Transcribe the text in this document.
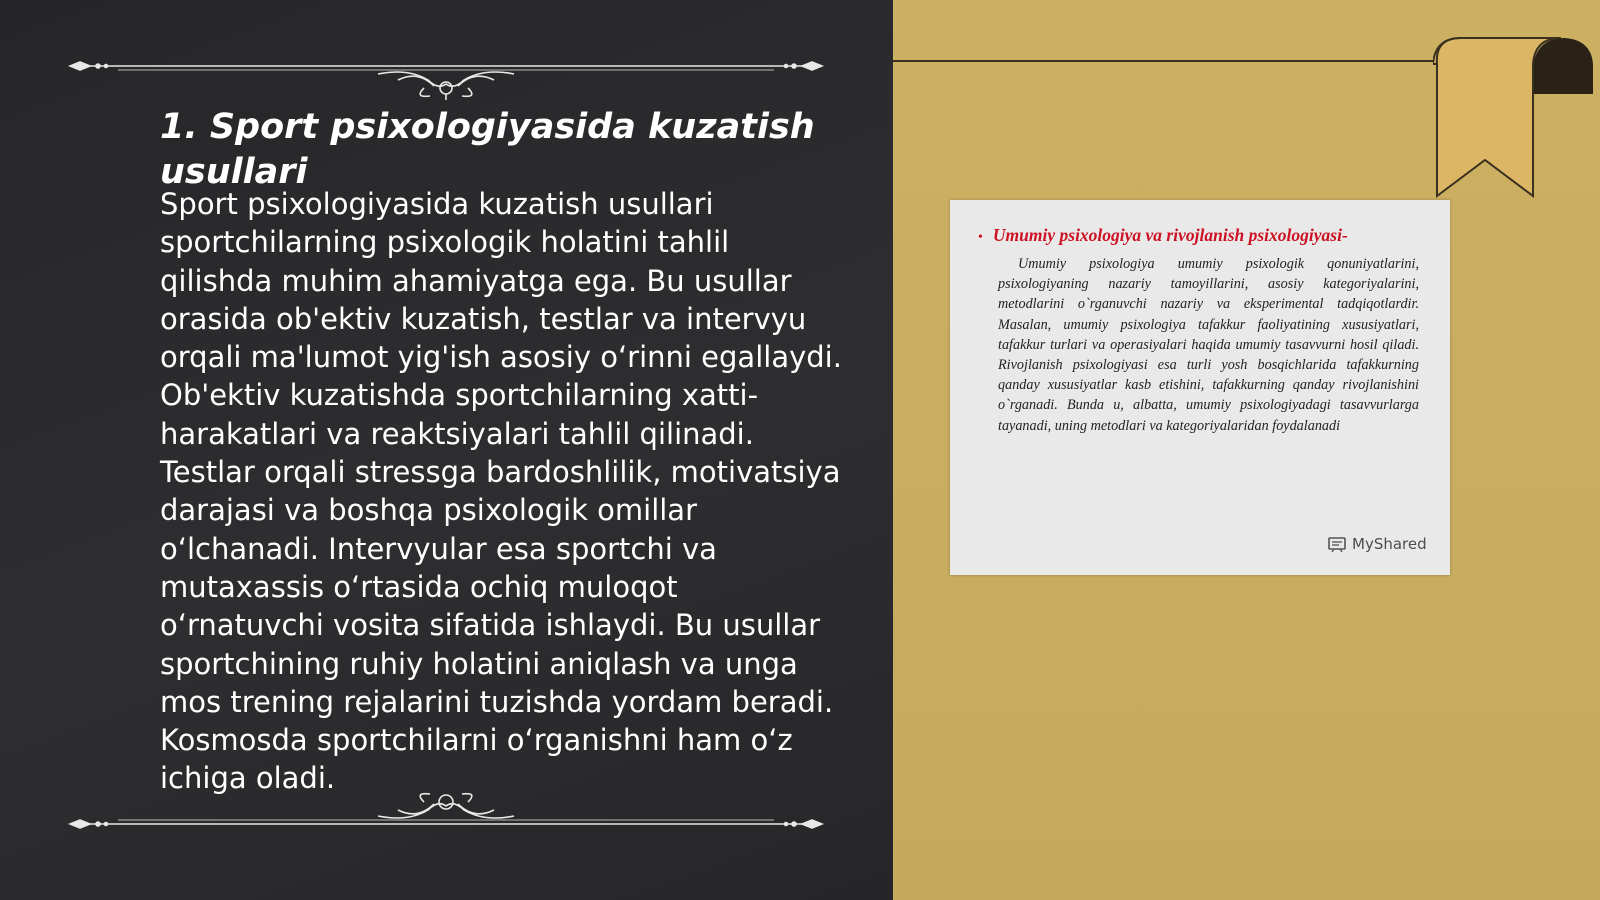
1. Sport psixologiyasida kuzatish usullari

Sport psixologiyasida kuzatish usullari sportchilarning psixologik holatini tahlil qilishda muhim ahamiyatga ega. Bu usullar orasida ob'ektiv kuzatish, testlar va intervyu orqali ma'lumot yig'ish asosiy oʻrinni egallaydi. Ob'ektiv kuzatishda sportchilarning xatti-harakatlari va reaktsiyalari tahlil qilinadi. Testlar orqali stressga bardoshlilik, motivatsiya darajasi va boshqa psixologik omillar oʻlchanadi. Intervyular esa sportchi va mutaxassis oʻrtasida ochiq muloqot oʻrnatuvchi vosita sifatida ishlaydi. Bu usullar sportchining ruhiy holatini aniqlash va unga mos trening rejalarini tuzishda yordam beradi. Kosmosda sportchilarni oʻrganishni ham oʻz ichiga oladi.

• Umumiy psixologiya va rivojlanish psixologiyasi-

Umumiy psixologiya umumiy psixologik qonuniyatlarini, psixologiyaning nazariy tamoyillarini, asosiy kategoriyalarini, metodlarini o`rganuvchi nazariy va eksperimental tadqiqotlardir. Masalan, umumiy psixologiya tafakkur faoliyatining xususiyatlari, tafakkur turlari va operasiyalari haqida umumiy tasavvurni hosil qiladi. Rivojlanish psixologiyasi esa turli yosh bosqichlarida tafakkurning qanday xususiyatlar kasb etishini, tafakkurning qanday rivojlanishini o`rganadi. Bunda u, albatta, umumiy psixologiyadagi tasavvurlarga tayanadi, uning metodlari va kategoriyalaridan foydalanadi

MyShared
